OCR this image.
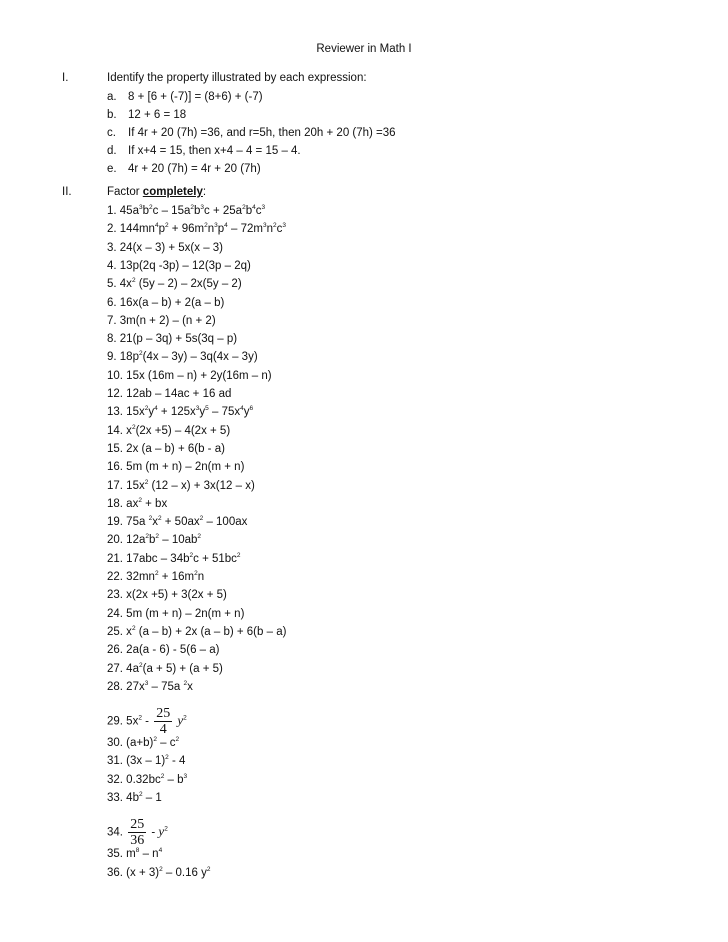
Reviewer in Math I
I.	Identify the property illustrated by each expression:
a. 8 + [6 + (-7)] = (8+6) + (-7)
b. 12 + 6 = 18
c. If 4r + 20 (7h) =36, and r=5h, then 20h + 20 (7h) =36
d. If x+4 = 15, then x+4 – 4 = 15 – 4.
e. 4r + 20 (7h) = 4r + 20 (7h)
II.	Factor completely:
1. $45a^3b^2c - 15a^2b^3c + 25a^2b^4c^3$
2. $144mn^4p^2 + 96m^2n^3p^4 - 72m^3n^2c^3$
3. 24(x – 3) + 5x(x – 3)
4. 13p(2q -3p) – 12(3p – 2q)
5. $4x^2$ (5y – 2) – 2x(5y – 2)
6. 16x(a – b) + 2(a – b)
7. 3m(n + 2) – (n + 2)
8. 21(p – 3q) + 5s(3q – p)
9. $18p^2(4x - 3y) - 3q(4x - 3y)$
10. 15x (16m – n) + 2y(16m – n)
12. 12ab – 14ac + 16 ad
13. $15x^2y^4 + 125x^3y^5 - 75x^4y^6$
14. $x^2(2x +5) - 4(2x + 5)$
15. 2x (a – b) + 6(b - a)
16. 5m (m + n) – 2n(m + n)
17. $15x^2$ (12 – x) + 3x(12 – x)
18. $ax^2$ + bx
19. 75a $^2x^2 + 50ax^2 - 100ax$
20. $12a^2b^2 - 10ab^2$
21. $17abc - 34b^2c + 51bc^2$
22. $32mn^2 + 16m^2n$
23. x(2x +5) + 3(2x + 5)
24. 5m (m + n) – 2n(m + n)
25. $x^2$ (a – b) + 2x (a – b) + 6(b – a)
26. 2a(a - 6) - 5(6 – a)
27. $4a^2(a + 5) + (a + 5)$
28. $27x^3 - 75a$ $^2$x
29. $5x^2 - \frac{25}{4} y^2$
30. $(a+b)^2 - c^2$
31. (3x – 1)$^2$ - 4
32. $0.32bc^2 - b^3$
33. $4b^2 - 1$
34. $\frac{25}{36} - y^2$
35. $m^8 - n^4$
36. $(x + 3)^2 - 0.16$ $y^2$
